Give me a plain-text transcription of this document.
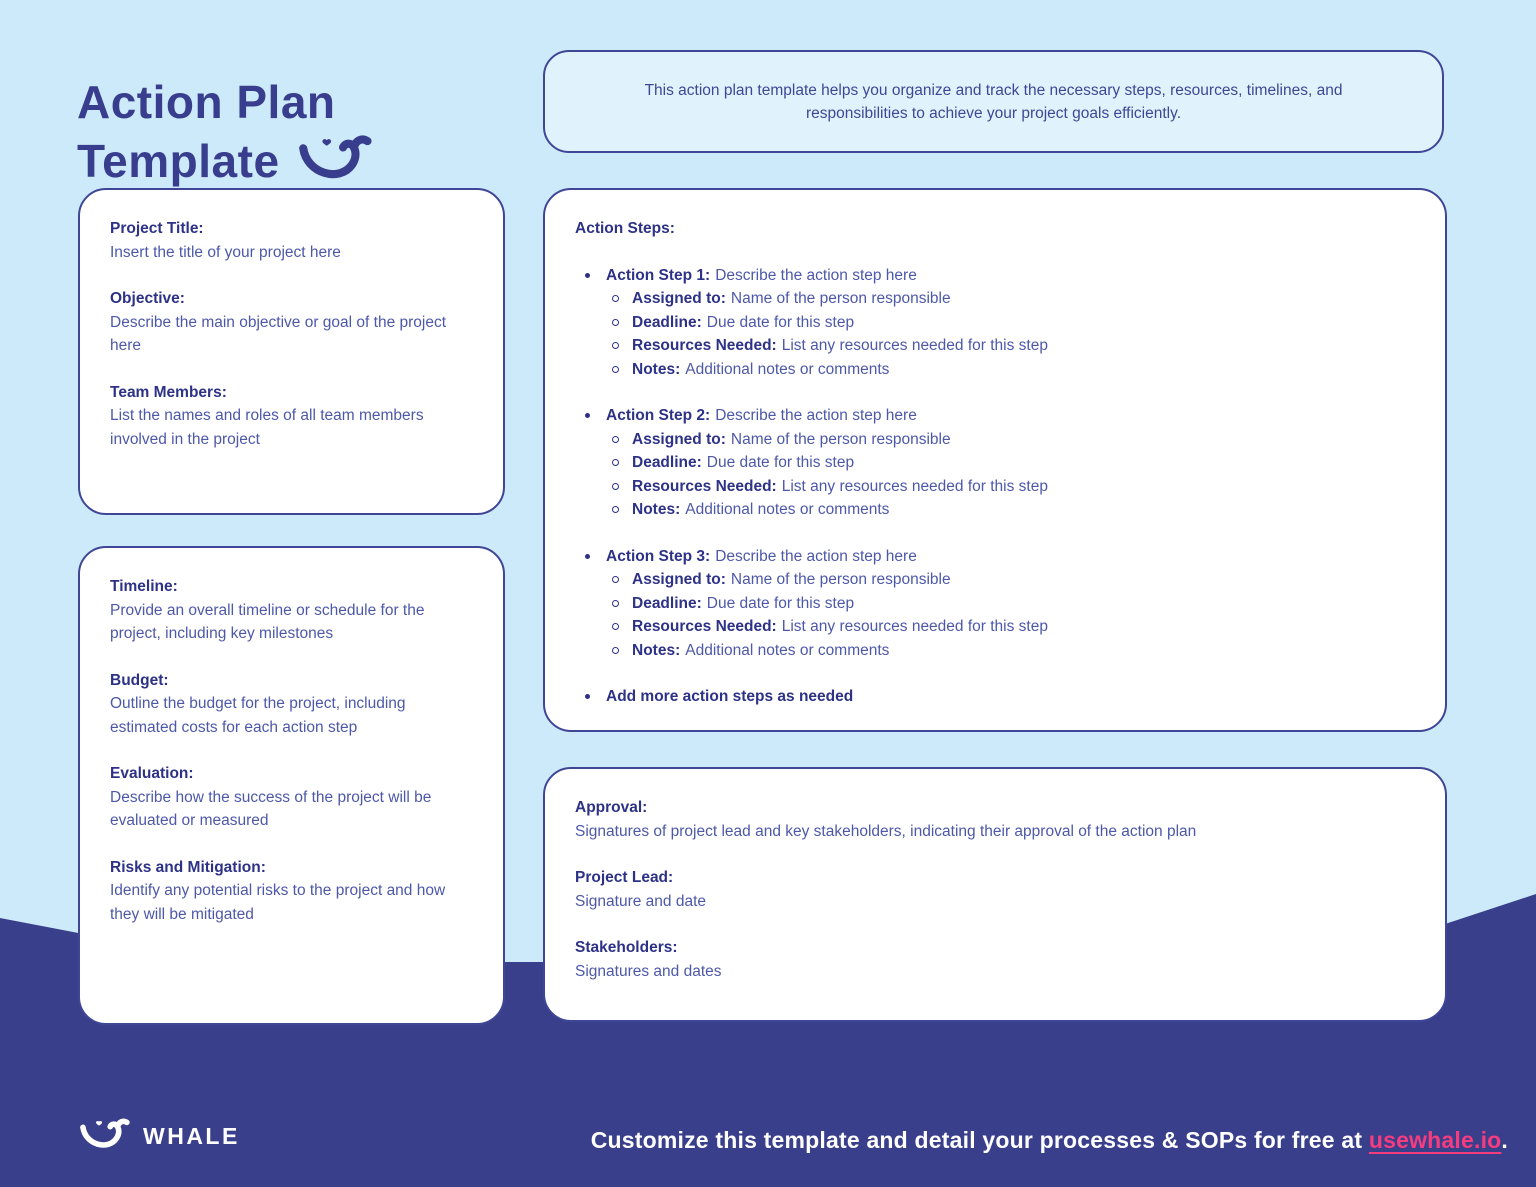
Action Plan
Template

This action plan template helps you organize and track the necessary steps, resources, timelines, and responsibilities to achieve your project goals efficiently.

Project Title:
Insert the title of your project here
Objective:
Describe the main objective or goal of the project here
Team Members:
List the names and roles of all team members involved in the project
Timeline:
Provide an overall timeline or schedule for the project, including key milestones
Budget:
Outline the budget for the project, including estimated costs for each action step
Evaluation:
Describe how the success of the project will be evaluated or measured
Risks and Mitigation:
Identify any potential risks to the project and how they will be mitigated
Action Steps:
Action Step 1: Describe the action step here
Assigned to: Name of the person responsible
Deadline: Due date for this step
Resources Needed: List any resources needed for this step
Notes: Additional notes or comments
Action Step 2: Describe the action step here
Assigned to: Name of the person responsible
Deadline: Due date for this step
Resources Needed: List any resources needed for this step
Notes: Additional notes or comments
Action Step 3: Describe the action step here
Assigned to: Name of the person responsible
Deadline: Due date for this step
Resources Needed: List any resources needed for this step
Notes: Additional notes or comments
Add more action steps as needed
Approval:
Signatures of project lead and key stakeholders, indicating their approval of the action plan
Project Lead:
Signature and date
Stakeholders:
Signatures and dates
WHALE	Customize this template and detail your processes & SOPs for free at usewhale.io.
